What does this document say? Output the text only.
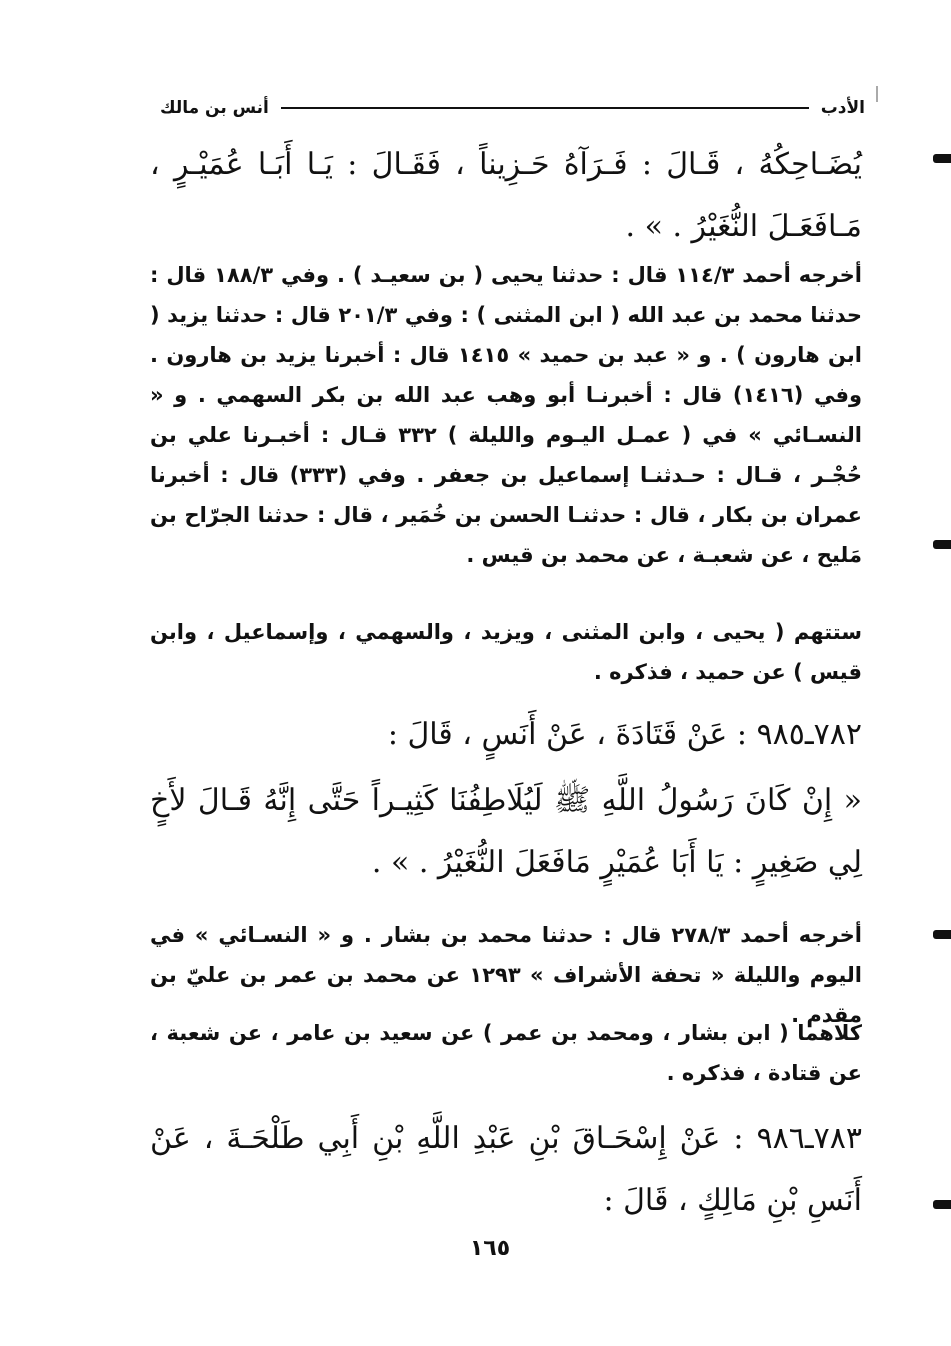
الأدب
أنس بن مالك
يُضَـاحِكُهُ ، قَـالَ : فَـرَآهُ حَـزِيناً ، فَقَـالَ : يَـا أَبَـا عُمَيْـرٍ ، مَـافَعَـلَ النُّغَيْرُ . » .
أخرجه أحمد ١١٤/٣ قال : حدثنا يحيى ( بن سعيـد ) . وفي ١٨٨/٣ قال : حدثنا محمد بن عبد الله ( ابن المثنى ) : وفي ٢٠١/٣ قال : حدثنا يزيد ( ابن هارون ) . و « عبد بن حميد » ١٤١٥ قال : أخبرنا يزيد بن هارون . وفي (١٤١٦) قال : أخبرنـا أبو وهب عبد الله بن بكر السهمي . و « النسـائي » في ( عمـل اليـوم والليلة ) ٣٣٢ قـال : أخبـرنا علي بن حُجْـر ، قـال : حـدثنـا إسماعيل بن جعفر . وفي (٣٣٣) قال : أخبرنا عمران بن بكار ، قال : حدثنـا الحسن بن خُمَير ، قال : حدثنا الجرّاح بن مَليح ، عن شعبـة ، عن محمد بن قيس .
ستتهم ( يحيى ، وابن المثنى ، ويزيد ، والسهمي ، وإسماعيل ، وابن قيس ) عن حميد ، فذكره .
٧٨٢ـ٩٨٥ : عَنْ قَتَادَةَ ، عَنْ أَنَسٍ ، قَالَ :
« إِنْ كَانَ رَسُولُ اللَّهِ ﷺ لَيُلَاطِفُنَا كَثِيـراً حَتَّى إِنَّهُ قَـالَ لأَخٍ لِي صَغِيرٍ : يَا أَبَا عُمَيْرٍ مَافَعَلَ النُّغَيْرُ . » .
أخرجه أحمد ٢٧٨/٣ قال : حدثنا محمد بن بشار . و « النسـائي » في اليوم والليلة « تحفة الأشراف » ١٢٩٣ عن محمد بن عمر بن عليّ بن مقدم .
كلاهما ( ابن بشار ، ومحمد بن عمر ) عن سعيد بن عامر ، عن شعبة ، عن قتادة ، فذكره .
٧٨٣ـ٩٨٦ : عَنْ إِسْحَـاقَ بْنِ عَبْدِ اللَّهِ بْنِ أَبِي طَلْحَـةَ ، عَنْ أَنَسِ بْنِ مَالِكٍ ، قَالَ :
١٦٥
